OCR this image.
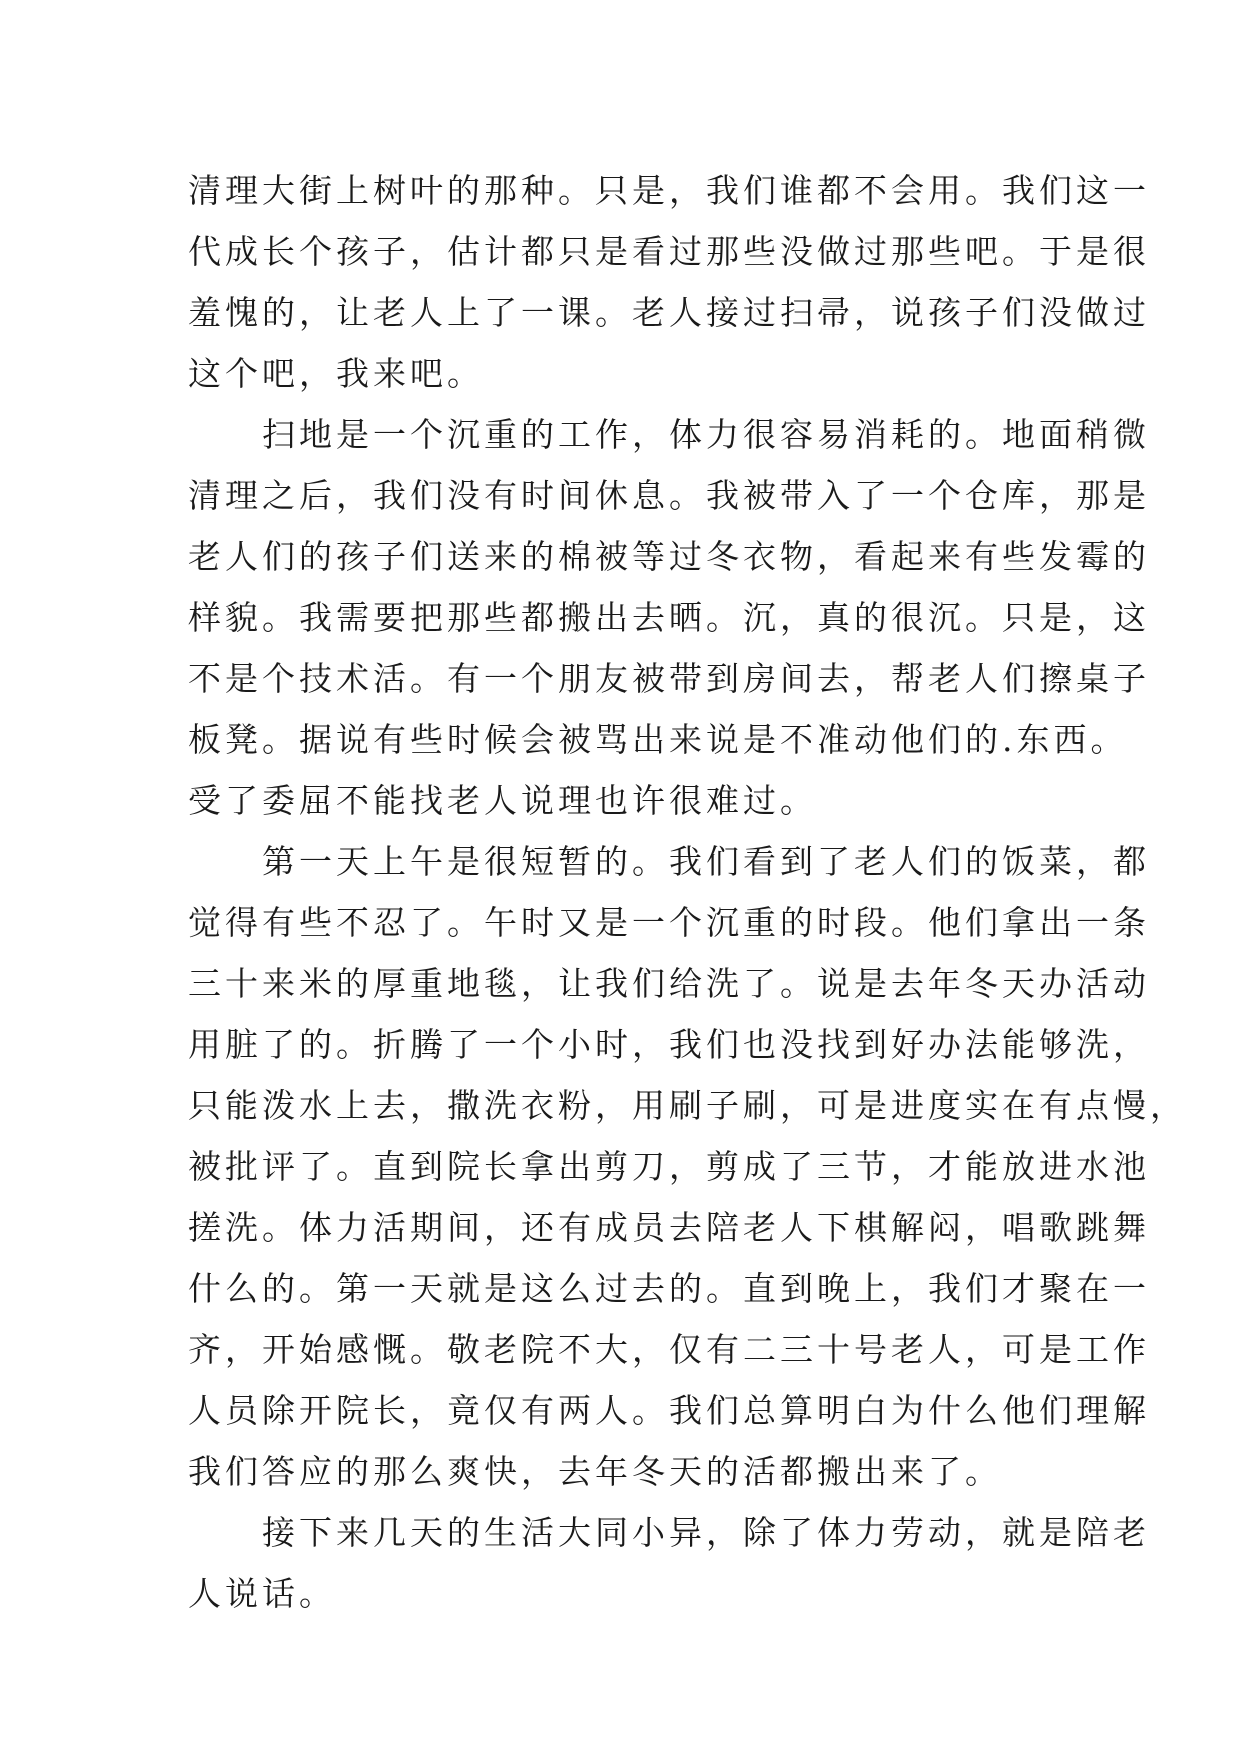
清理大街上树叶的那种。只是，我们谁都不会用。我们这一
代成长个孩子，估计都只是看过那些没做过那些吧。于是很
羞愧的，让老人上了一课。老人接过扫帚，说孩子们没做过
这个吧，我来吧。
　　扫地是一个沉重的工作，体力很容易消耗的。地面稍微
清理之后，我们没有时间休息。我被带入了一个仓库，那是
老人们的孩子们送来的棉被等过冬衣物，看起来有些发霉的
样貌。我需要把那些都搬出去晒。沉，真的很沉。只是，这
不是个技术活。有一个朋友被带到房间去，帮老人们擦桌子
板凳。据说有些时候会被骂出来说是不准动他们的.东西。
受了委屈不能找老人说理也许很难过。
　　第一天上午是很短暂的。我们看到了老人们的饭菜，都
觉得有些不忍了。午时又是一个沉重的时段。他们拿出一条
三十来米的厚重地毯，让我们给洗了。说是去年冬天办活动
用脏了的。折腾了一个小时，我们也没找到好办法能够洗，
只能泼水上去，撒洗衣粉，用刷子刷，可是进度实在有点慢，
被批评了。直到院长拿出剪刀，剪成了三节，才能放进水池
搓洗。体力活期间，还有成员去陪老人下棋解闷，唱歌跳舞
什么的。第一天就是这么过去的。直到晚上，我们才聚在一
齐，开始感慨。敬老院不大，仅有二三十号老人，可是工作
人员除开院长，竟仅有两人。我们总算明白为什么他们理解
我们答应的那么爽快，去年冬天的活都搬出来了。
　　接下来几天的生活大同小异，除了体力劳动，就是陪老
人说话。
